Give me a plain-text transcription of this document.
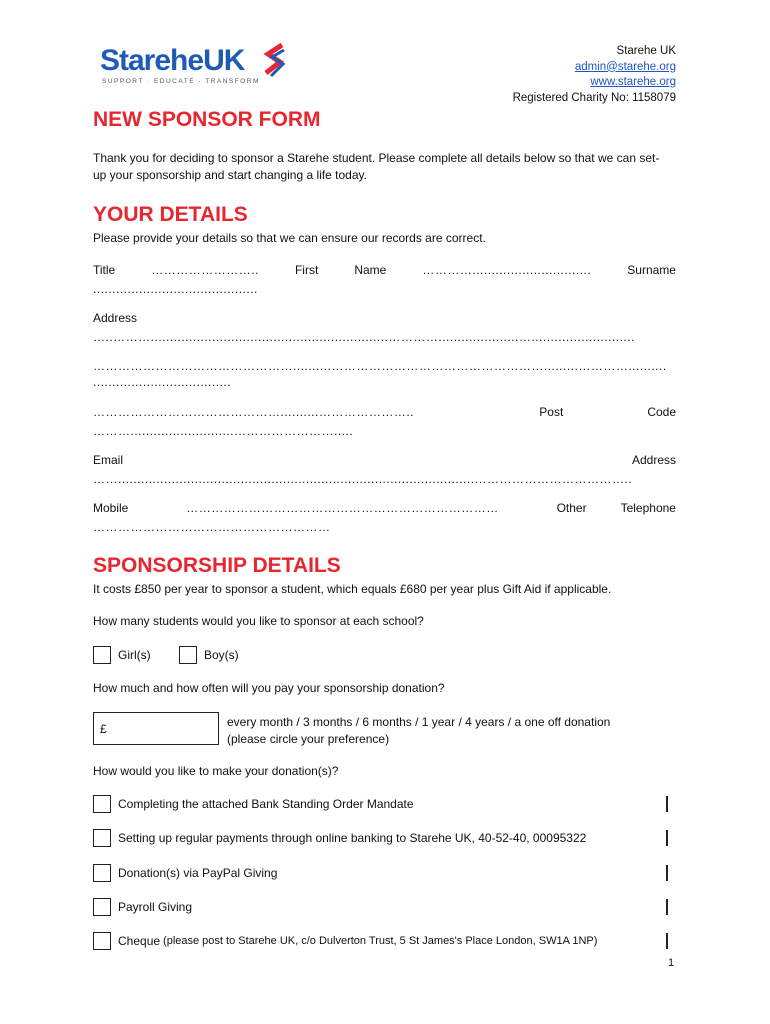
StareheUK
SUPPORT · EDUCATE · TRANSFORM
Starehe UK
admin@starehe.org
www.starehe.org
Registered Charity No: 1158079
NEW SPONSOR FORM
Thank you for deciding to sponsor a Starehe student. Please complete all details below so that we can set-up your sponsorship and start changing a life today.
YOUR DETAILS
Please provide your details so that we can ensure our records are correct.
Title	……………………..	First	Name	…………...............................	Surname
...........................................
Address
…..………..............................................................………….....................…...........................
…………………………………………..........…………………………………………….........…………..........
....................................
………………………………………..........…………………..	Post	Code
………...........................…………………….....
Email	Address
…….............................................................................................………………………………..
Mobile	…………………………………………………………………	Other	Telephone
…………………………………………………
SPONSORSHIP DETAILS
It costs £850 per year to sponsor a student, which equals £680 per year plus Gift Aid if applicable.
How many students would you like to sponsor at each school?
Girl(s)	Boy(s)
How much and how often will you pay your sponsorship donation?
£	every month / 3 months / 6 months / 1 year / 4 years / a one off donation
(please circle your preference)
How would you like to make your donation(s)?
Completing the attached Bank Standing Order Mandate
Setting up regular payments through online banking to Starehe UK, 40-52-40, 00095322
Donation(s) via PayPal Giving
Payroll Giving
Cheque (please post to Starehe UK, c/o Dulverton Trust, 5 St James's Place London, SW1A 1NP)
1
